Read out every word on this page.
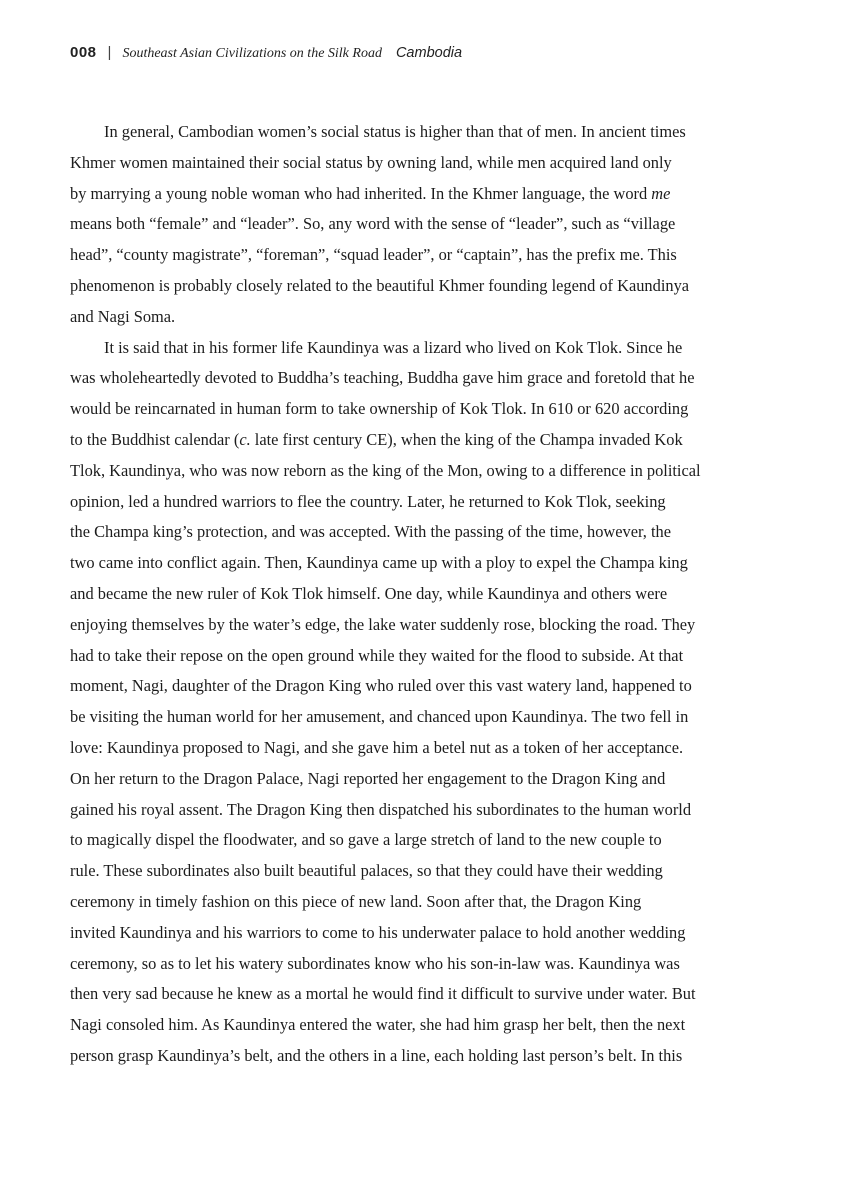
008 | Southeast Asian Civilizations on the Silk Road Cambodia
In general, Cambodian women’s social status is higher than that of men. In ancient times
Khmer women maintained their social status by owning land, while men acquired land only
by marrying a young noble woman who had inherited. In the Khmer language, the word me
means both “female” and “leader”. So, any word with the sense of “leader”, such as “village
head”, “county magistrate”, “foreman”, “squad leader”, or “captain”, has the prefix me. This
phenomenon is probably closely related to the beautiful Khmer founding legend of Kaundinya
and Nagi Soma.
It is said that in his former life Kaundinya was a lizard who lived on Kok Tlok. Since he
was wholeheartedly devoted to Buddha’s teaching, Buddha gave him grace and foretold that he
would be reincarnated in human form to take ownership of Kok Tlok. In 610 or 620 according
to the Buddhist calendar (c. late first century CE), when the king of the Champa invaded Kok
Tlok, Kaundinya, who was now reborn as the king of the Mon, owing to a difference in political
opinion, led a hundred warriors to flee the country. Later, he returned to Kok Tlok, seeking
the Champa king’s protection, and was accepted. With the passing of the time, however, the
two came into conflict again. Then, Kaundinya came up with a ploy to expel the Champa king
and became the new ruler of Kok Tlok himself. One day, while Kaundinya and others were
enjoying themselves by the water’s edge, the lake water suddenly rose, blocking the road. They
had to take their repose on the open ground while they waited for the flood to subside. At that
moment, Nagi, daughter of the Dragon King who ruled over this vast watery land, happened to
be visiting the human world for her amusement, and chanced upon Kaundinya. The two fell in
love: Kaundinya proposed to Nagi, and she gave him a betel nut as a token of her acceptance.
On her return to the Dragon Palace, Nagi reported her engagement to the Dragon King and
gained his royal assent. The Dragon King then dispatched his subordinates to the human world
to magically dispel the floodwater, and so gave a large stretch of land to the new couple to
rule. These subordinates also built beautiful palaces, so that they could have their wedding
ceremony in timely fashion on this piece of new land. Soon after that, the Dragon King
invited Kaundinya and his warriors to come to his underwater palace to hold another wedding
ceremony, so as to let his watery subordinates know who his son-in-law was. Kaundinya was
then very sad because he knew as a mortal he would find it difficult to survive under water. But
Nagi consoled him. As Kaundinya entered the water, she had him grasp her belt, then the next
person grasp Kaundinya’s belt, and the others in a line, each holding last person’s belt. In this
